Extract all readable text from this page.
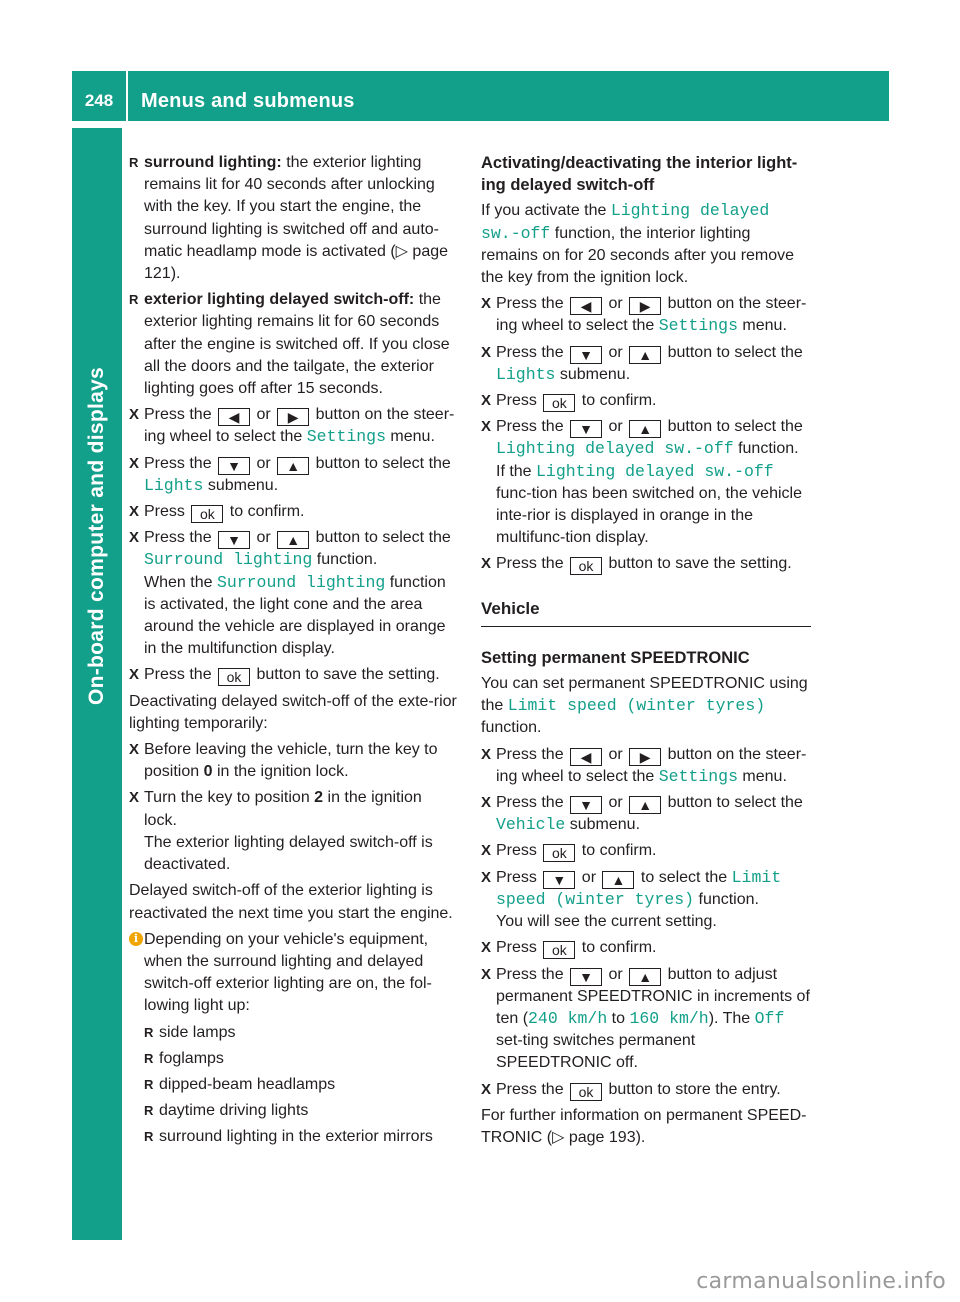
248	Menus and submenus
On-board computer and displays
R surround lighting: the exterior lighting remains lit for 40 seconds after unlocking with the key. If you start the engine, the surround lighting is switched off and auto-matic headlamp mode is activated (▷ page 121).
R exterior lighting delayed switch-off: the exterior lighting remains lit for 60 seconds after the engine is switched off. If you close all the doors and the tailgate, the exterior lighting goes off after 15 seconds.
X Press the ◀ or ▶ button on the steer-ing wheel to select the Settings menu.
X Press the ▼ or ▲ button to select the Lights submenu.
X Press ok to confirm.
X Press the ▼ or ▲ button to select the Surround lighting function.
When the Surround lighting function is activated, the light cone and the area around the vehicle are displayed in orange in the multifunction display.
X Press the ok button to save the setting.

Deactivating delayed switch-off of the exte-rior lighting temporarily:

X Before leaving the vehicle, turn the key to position 0 in the ignition lock.
X Turn the key to position 2 in the ignition lock.
The exterior lighting delayed switch-off is deactivated.

Delayed switch-off of the exterior lighting is reactivated the next time you start the engine.

i Depending on your vehicle's equipment, when the surround lighting and delayed switch-off exterior lighting are on, the fol-lowing light up:
R side lamps
R foglamps
R dipped-beam headlamps
R daytime driving lights
R surround lighting in the exterior mirrors
Activating/deactivating the interior light-ing delayed switch-off

If you activate the Lighting delayed sw.-off function, the interior lighting remains on for 20 seconds after you remove the key from the ignition lock.

X Press the ◀ or ▶ button on the steer-ing wheel to select the Settings menu.
X Press the ▼ or ▲ button to select the Lights submenu.
X Press ok to confirm.
X Press the ▼ or ▲ button to select the Lighting delayed sw.-off function.
If the Lighting delayed sw.-off func-tion has been switched on, the vehicle inte-rior is displayed in orange in the multifunc-tion display.
X Press the ok button to save the setting.
Vehicle
Setting permanent SPEEDTRONIC

You can set permanent SPEEDTRONIC using the Limit speed (winter tyres) function.

X Press the ◀ or ▶ button on the steer-ing wheel to select the Settings menu.
X Press the ▼ or ▲ button to select the Vehicle submenu.
X Press ok to confirm.
X Press ▼ or ▲ to select the Limit speed (winter tyres) function.
You will see the current setting.
X Press ok to confirm.
X Press the ▼ or ▲ button to adjust permanent SPEEDTRONIC in increments of ten (240 km/h to 160 km/h). The Off set-ting switches permanent SPEEDTRONIC off.
X Press the ok button to store the entry.

For further information on permanent SPEED-TRONIC (▷ page 193).

carmanualsonline.info
